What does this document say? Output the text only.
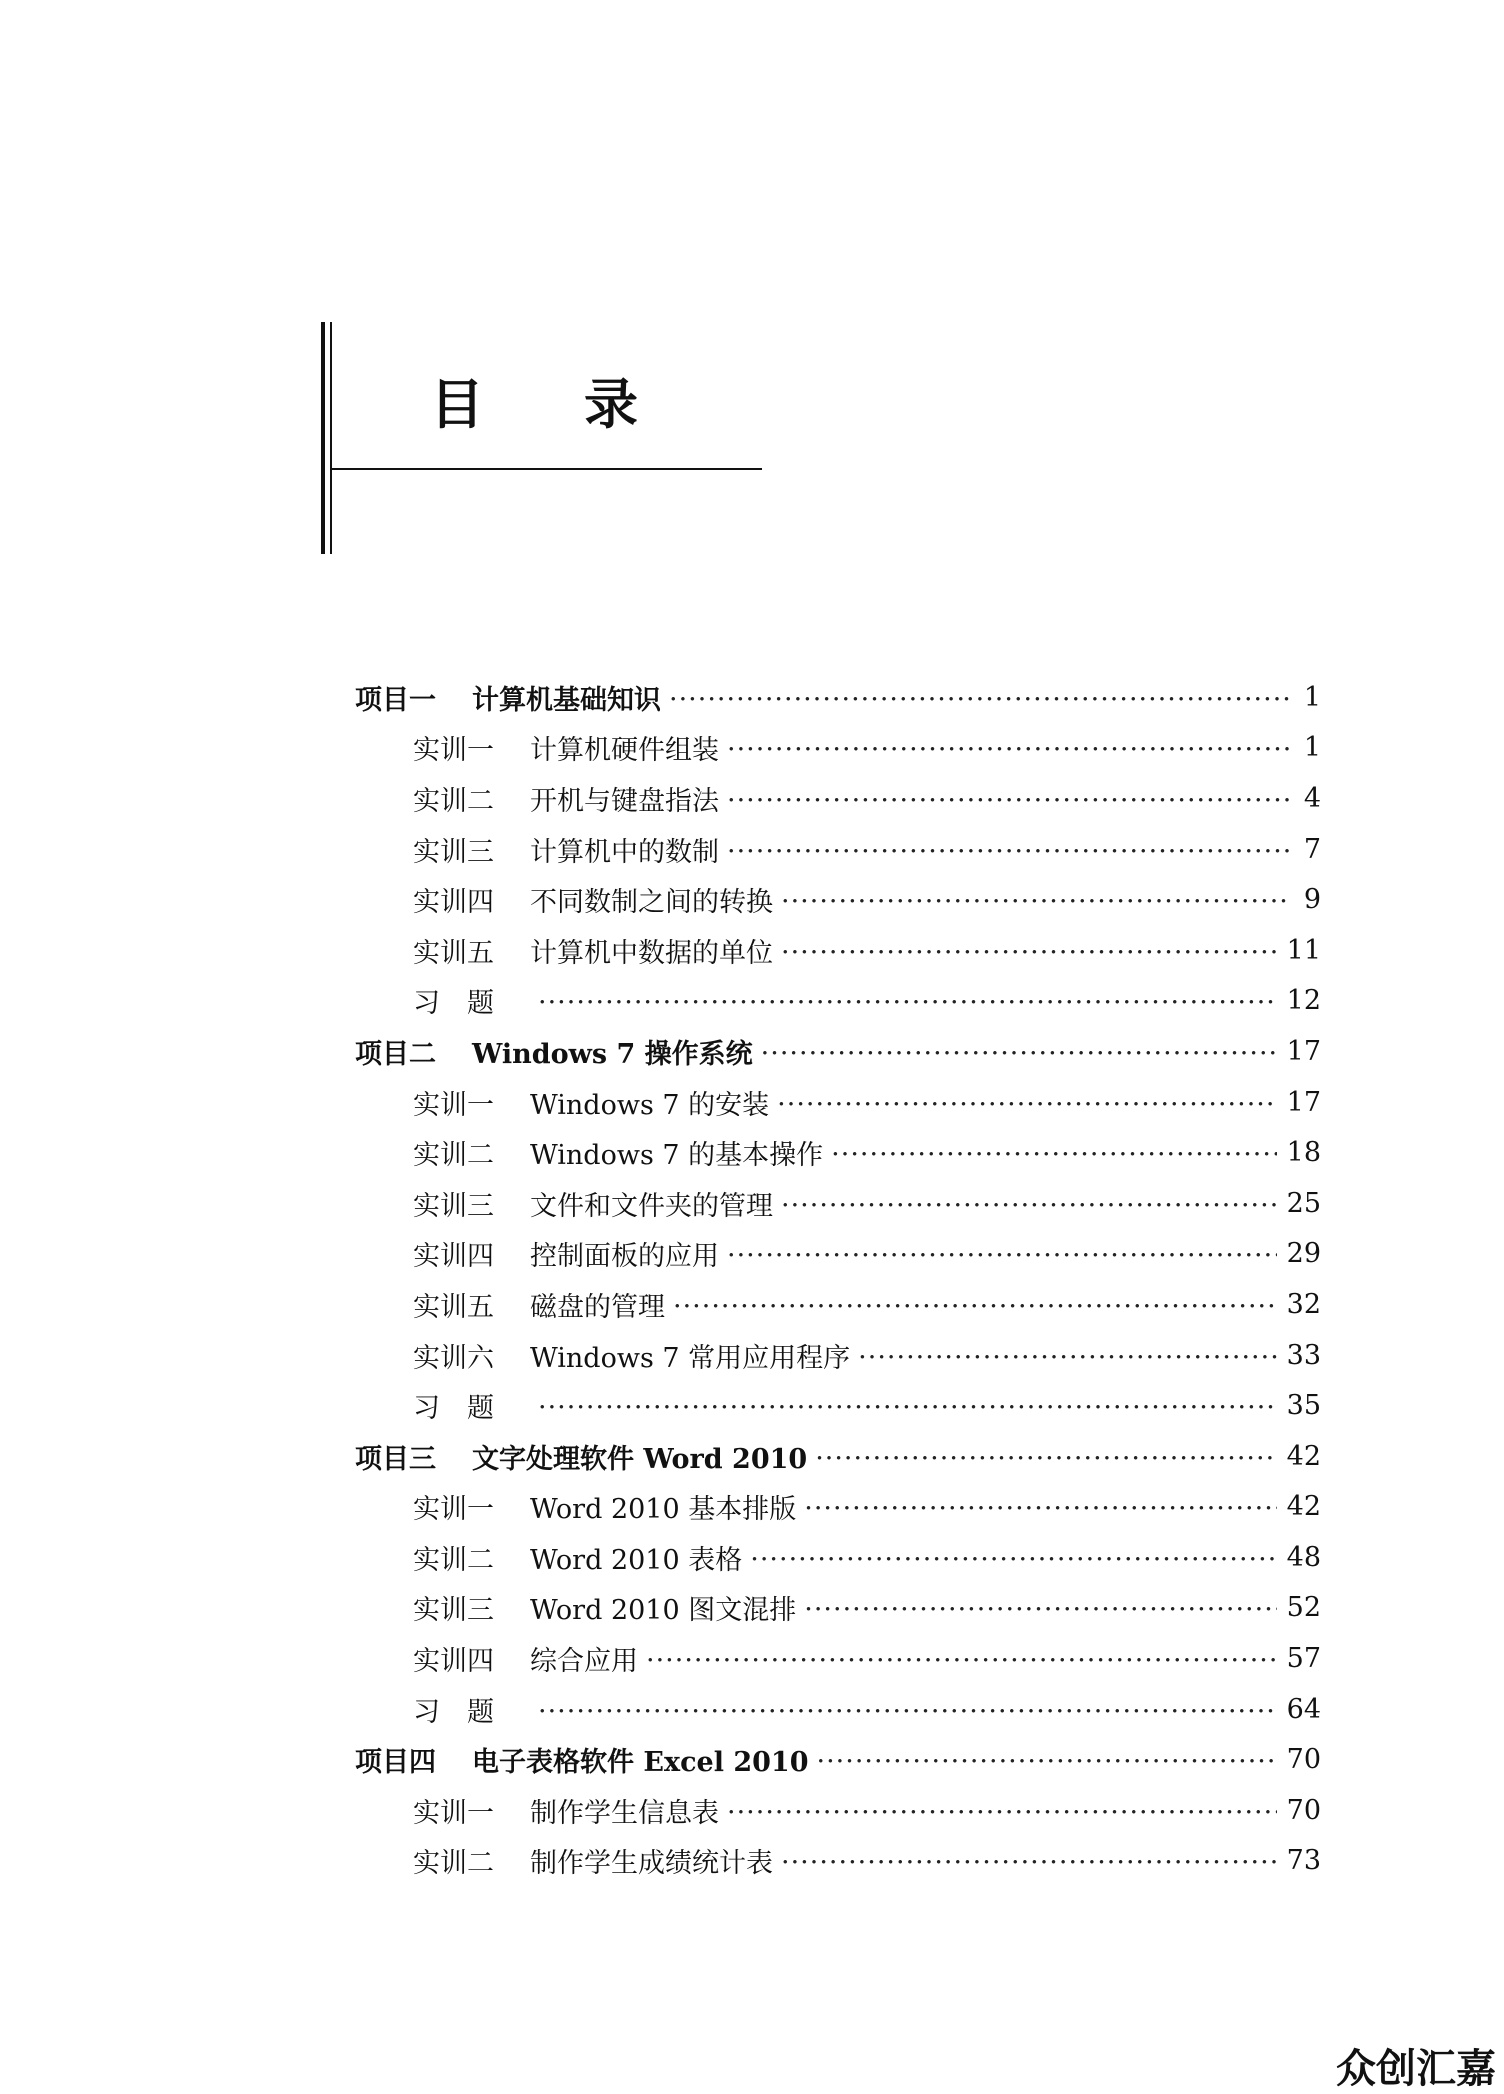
目 录
项目一	计算机基础知识 ·····	1
实训一	计算机硬件组装 ·····	1
实训二	开机与键盘指法 ·····	4
实训三	计算机中的数制 ·····	7
实训四	不同数制之间的转换 ·····	9
实训五	计算机中数据的单位 ·····	11
习　题 ·····	12
项目二	Windows 7 操作系统 ·····	17
实训一	Windows 7 的安装 ·····	17
实训二	Windows 7 的基本操作 ·····	18
实训三	文件和文件夹的管理 ·····	25
实训四	控制面板的应用 ·····	29
实训五	磁盘的管理 ·····	32
实训六	Windows 7 常用应用程序 ·····	33
习　题 ·····	35
项目三	文字处理软件 Word 2010 ·····	42
实训一	Word 2010 基本排版 ·····	42
实训二	Word 2010 表格 ·····	48
实训三	Word 2010 图文混排 ·····	52
实训四	综合应用 ·····	57
习　题 ·····	64
项目四	电子表格软件 Excel 2010 ·····	70
实训一	制作学生信息表 ·····	70
实训二	制作学生成绩统计表 ·····	73
众创汇嘉
